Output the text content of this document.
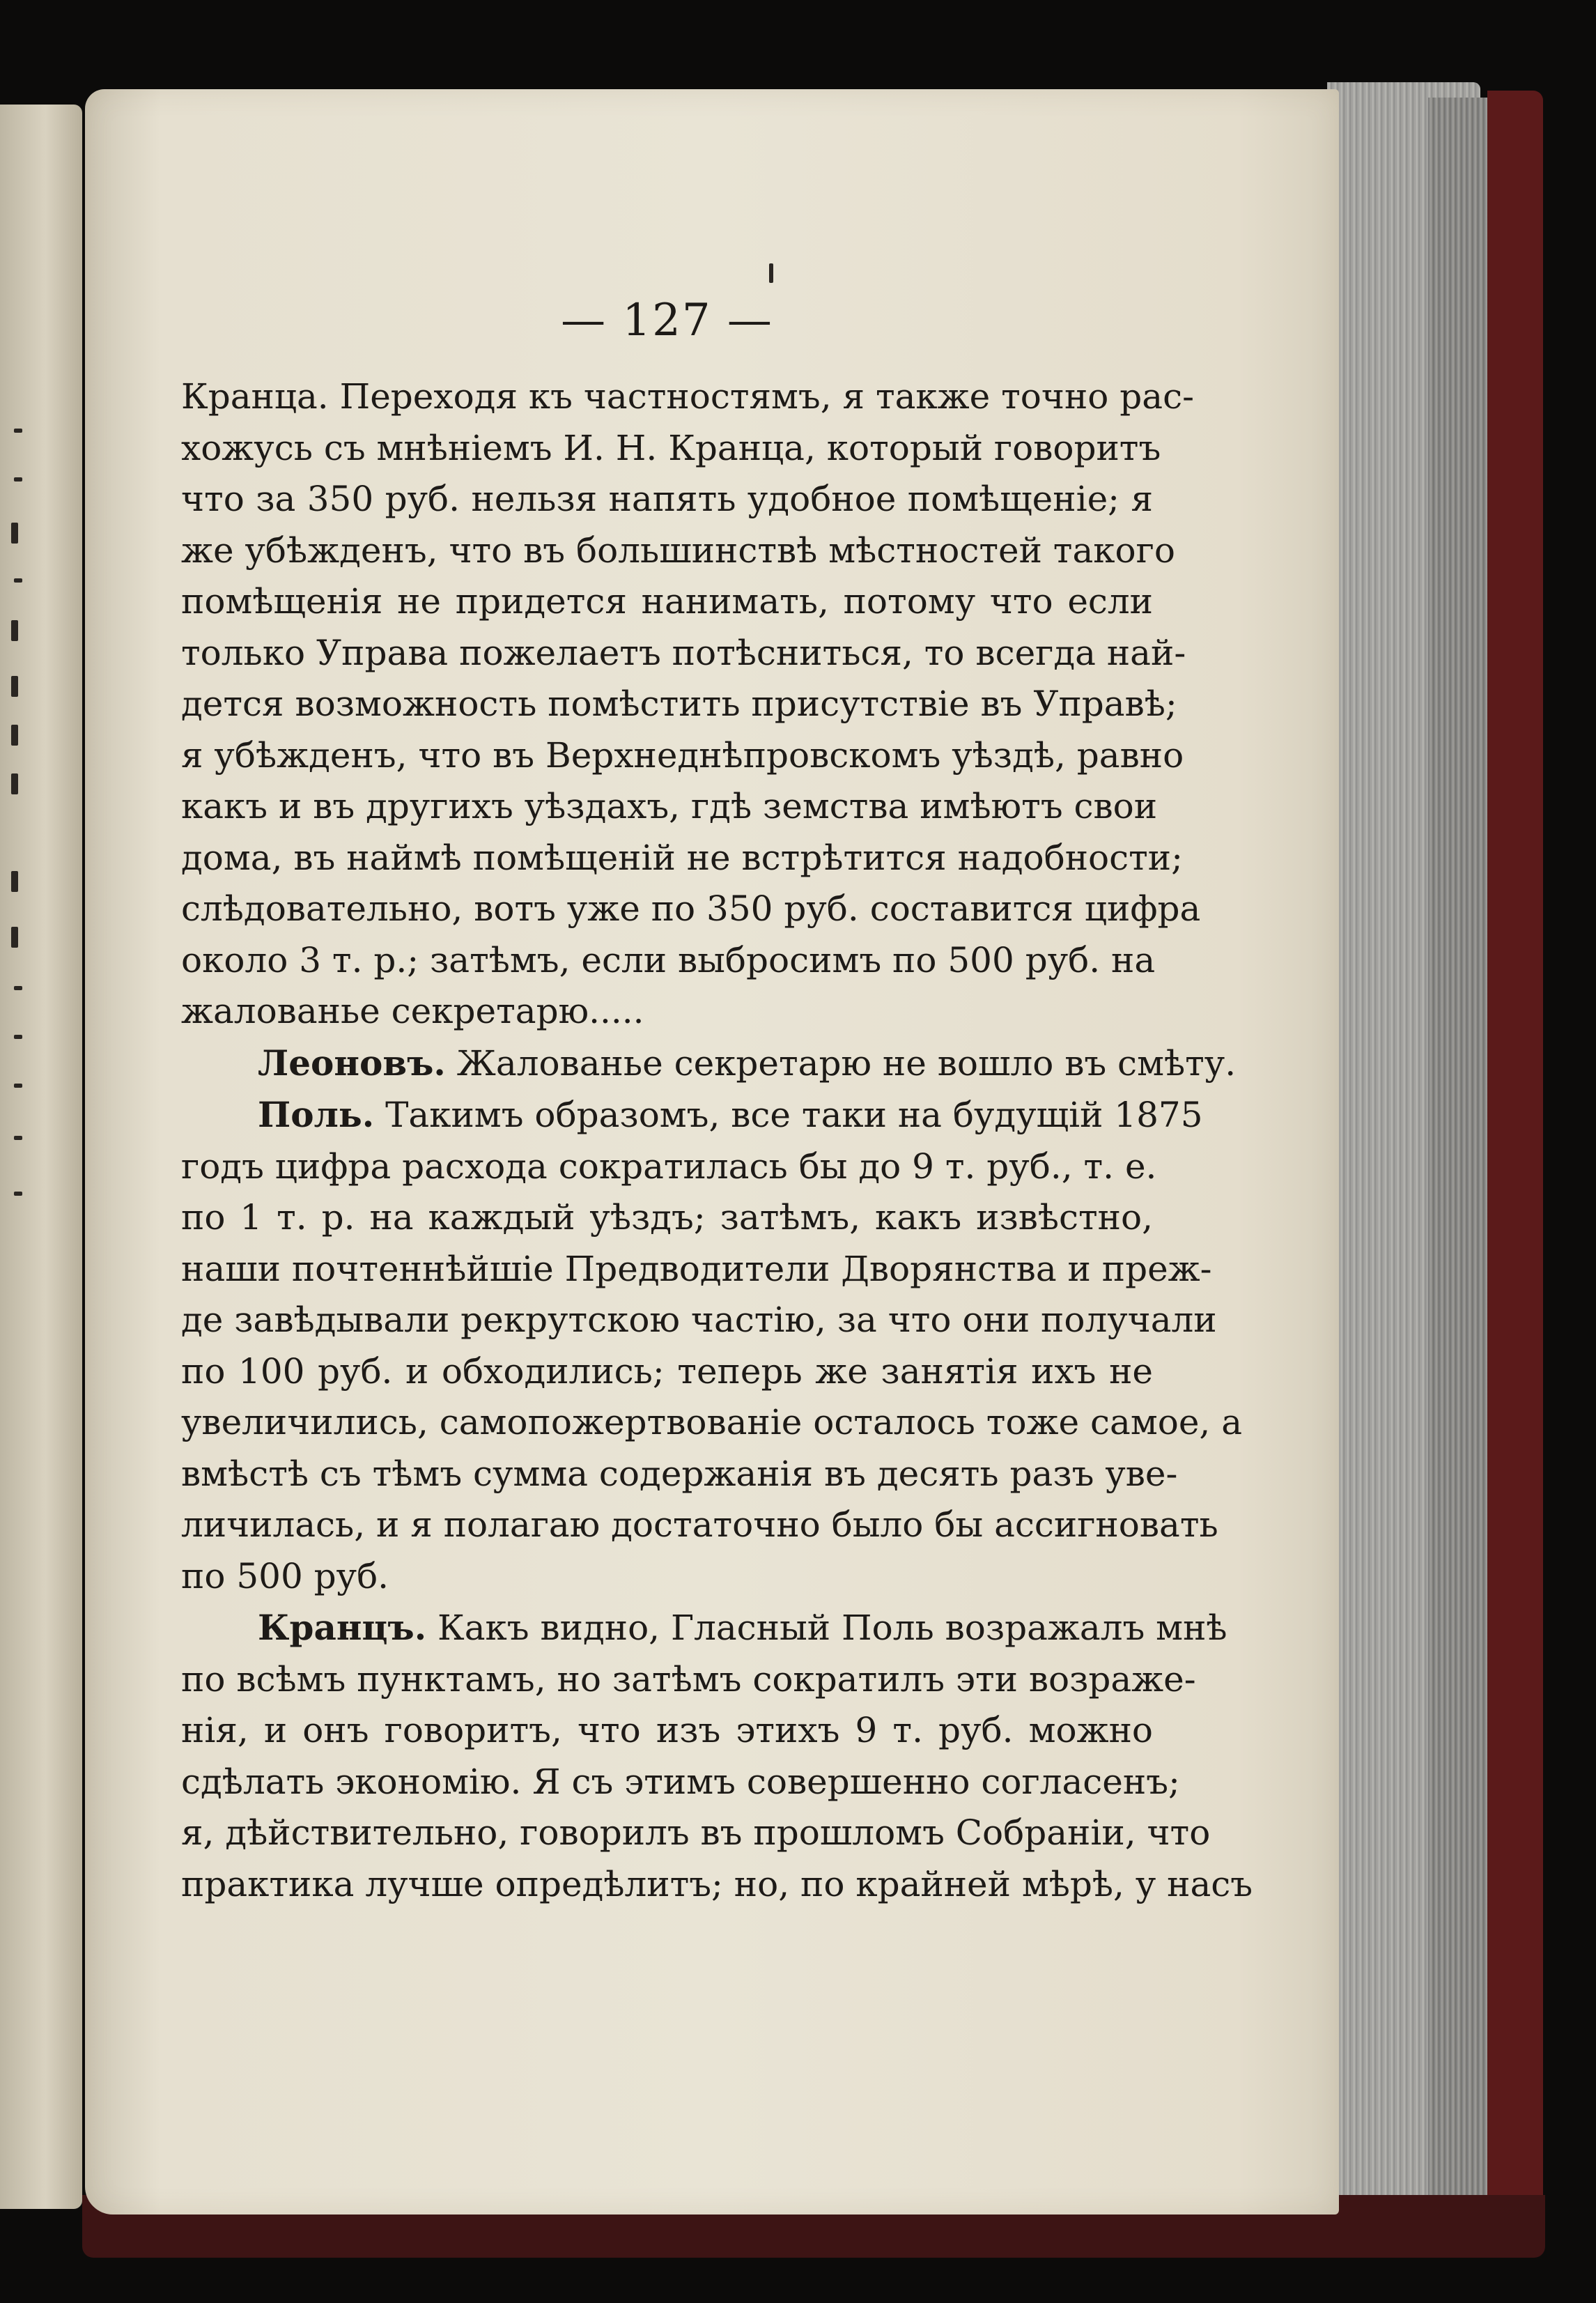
— 127 —
Кранца. Переходя къ частностямъ, я также точно рас-
хожусь съ мнѣніемъ И. Н. Кранца, который говоритъ
что за 350 руб. нельзя напять удобное помѣщеніе; я
же убѣжденъ, что въ большинствѣ мѣстностей такого
помѣщенія не придется нанимать, потому что если
только Управа пожелаетъ потѣсниться, то всегда най-
дется возможность помѣстить присутствіе въ Управѣ;
я убѣжденъ, что въ Верхнеднѣпровскомъ уѣздѣ, равно
какъ и въ другихъ уѣздахъ, гдѣ земства имѣютъ свои
дома, въ наймѣ помѣщеній не встрѣтится надобности;
слѣдовательно, вотъ уже по 350 руб. составится цифра
около 3 т. р.; затѣмъ, если выбросимъ по 500 руб. на
жалованье секретарю.....
Леоновъ. Жалованье секретарю не вошло въ смѣту.
Поль. Такимъ образомъ, все таки на будущій 1875
годъ цифра расхода сократилась бы до 9 т. руб., т. е.
по 1 т. р. на каждый уѣздъ; затѣмъ, какъ извѣстно,
наши почтеннѣйшіе Предводители Дворянства и преж-
де завѣдывали рекрутскою частію, за что они получали
по 100 руб. и обходились; теперь же занятія ихъ не
увеличились, самопожертвованіе осталось тоже самое, а
вмѣстѣ съ тѣмъ сумма содержанія въ десять разъ уве-
личилась, и я полагаю достаточно было бы ассигновать
по 500 руб.
Кранцъ. Какъ видно, Гласный Поль возражалъ мнѣ
по всѣмъ пунктамъ, но затѣмъ сократилъ эти возраже-
нія, и онъ говоритъ, что изъ этихъ 9 т. руб. можно
сдѣлать экономію. Я съ этимъ совершенно согласенъ;
я, дѣйствительно, говорилъ въ прошломъ Собраніи, что
практика лучше опредѣлитъ; но, по крайней мѣрѣ, у насъ
